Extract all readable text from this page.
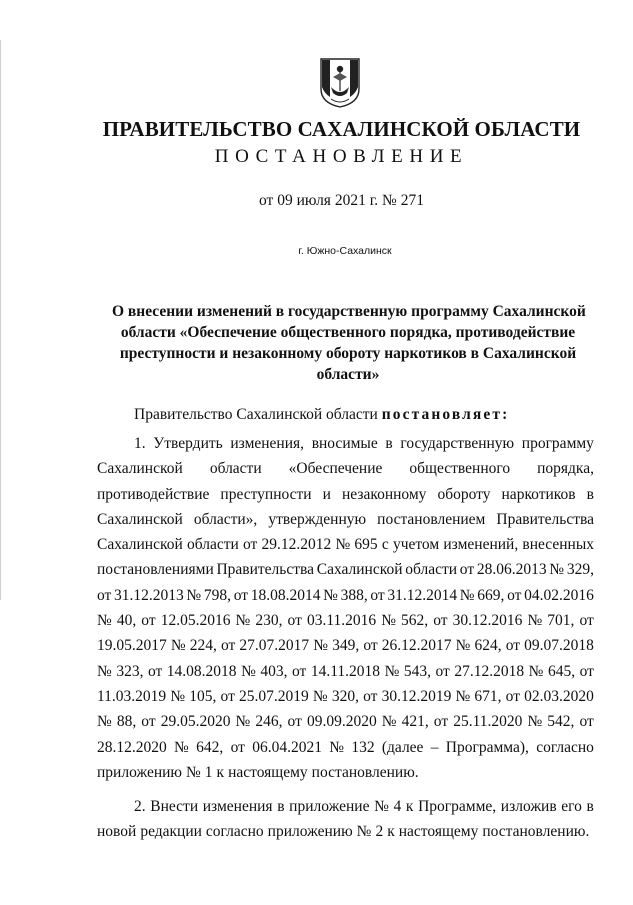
ПРАВИТЕЛЬСТВО САХАЛИНСКОЙ ОБЛАСТИ
ПОСТАНОВЛЕНИЕ
от 09 июля 2021 г. № 271
г. Южно-Сахалинск
О внесении изменений в государственную программу Сахалинской
области «Обеспечение общественного порядка, противодействие
преступности и незаконному обороту наркотиков в Сахалинской
области»
Правительство Сахалинской области постановляет:
1. Утвердить изменения, вносимые в государственную программу
Сахалинской области «Обеспечение общественного порядка,
противодействие преступности и незаконному обороту наркотиков в
Сахалинской области», утвержденную постановлением Правительства
Сахалинской области от 29.12.2012 № 695 с учетом изменений, внесенных
постановлениями Правительства Сахалинской области от 28.06.2013 № 329,
от 31.12.2013 № 798, от 18.08.2014 № 388, от 31.12.2014 № 669, от 04.02.2016
№ 40, от 12.05.2016 № 230, от 03.11.2016 № 562, от 30.12.2016 № 701, от
19.05.2017 № 224, от 27.07.2017 № 349, от 26.12.2017 № 624, от 09.07.2018
№ 323, от 14.08.2018 № 403, от 14.11.2018 № 543, от 27.12.2018 № 645, от
11.03.2019 № 105, от 25.07.2019 № 320, от 30.12.2019 № 671, от 02.03.2020
№ 88, от 29.05.2020 № 246, от 09.09.2020 № 421, от 25.11.2020 № 542, от
28.12.2020 № 642, от 06.04.2021 № 132 (далее – Программа), согласно
приложению № 1 к настоящему постановлению.
2. Внести изменения в приложение № 4 к Программе, изложив его в
новой редакции согласно приложению № 2 к настоящему постановлению.
